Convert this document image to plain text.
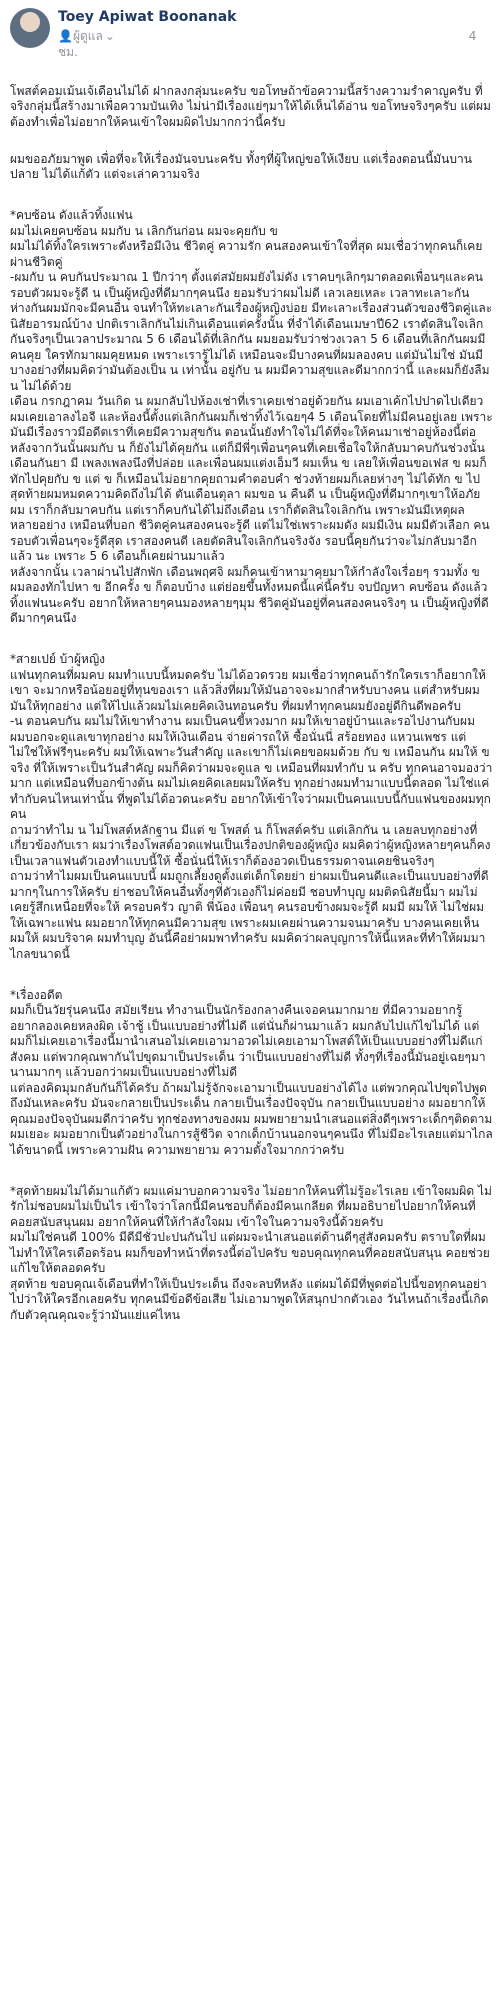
Toey Apiwat Boonanak
👤 ผู้ดูแล ⌄	4 ชม.

โพสต์คอมเม้นเจ้เดือนไม่ได้ ฝากลงกลุ่มนะครับ ขอโทษถ้าข้อความนี้สร้างความรำคาญครับ ที่จริงกลุ่มนี้สร้างมาเพื่อความบันเทิง ไม่น่ามีเรื่องแย่ๆมาให้ได้เห็นได้อ่าน ขอโทษจริงๆครับ แต่ผมต้องทำเพื่อไม่อยากให้คนเข้าใจผมผิดไปมากกว่านี้ครับ

ผมขออภัยมาพูด เพื่อที่จะให้เรื่องมันจบนะครับ ทั้งๆที่ผู้ใหญ่ขอให้เงียบ แต่เรื่องตอนนี้มันบานปลาย ไม่ได้แก้ตัว แต่จะเล่าความจริง

*คบซ้อน ดังแล้วทิ้งแฟน
ผมไม่เคยคบซ้อน ผมกับ น เลิกกันก่อน ผมจะคุยกับ ข
ผมไม่ได้ทิ้งใครเพราะดังหรือมีเงิน ชีวิตคู่ ความรัก คนสองคนเข้าใจที่สุด ผมเชื่อว่าทุกคนก็เคยผ่านชีวิตคู่
-ผมกับ น คบกันประมาณ 1 ปีกว่าๆ ตั้งแต่สมัยผมยังไม่ดัง เราคบๆเลิกๆมาตลอดเพื่อนๆและคนรอบตัวผมจะรู้ดี น เป็นผู้หญิงที่ดีมากๆคนนึง ยอมรับว่าผมไม่ดี เลวเลยเหละ เวลาทะเลาะกัน ห่างกันผมมักจะมีคนอื่น จนทำให้ทะเลาะกันเรื่องผู้หญิงบ่อย มีทะเลาะเรื่องส่วนตัวของชีวิตคู่และนิสัยอารมณ์บ้าง ปกติเราเลิกกันไม่เกินเดือนแต่ครั้งนั้น ที่จำได้เดือนเมษาปี62 เราตัดสินใจเลิกกันจริงๆเป็นเวลาประมาณ 5 6 เดือนได้ที่เลิกกัน ผมยอมรับว่าช่วงเวลา 5 6 เดือนที่เลิกกันผมมีคนคุย ใครทักมาผมคุยหมด เพราะเรารู้ไม่ได้ เหมือนจะมีบางคนที่ผมลองคบ แต่มันไม่ใช่ มันมีบางอย่างที่ผมคิดว่ามันต้องเป็น น เท่านั้น อยู่กับ น ผมมีความสุขและดีมากกว่านี้ และผมก็ยังลืม น ไม่ได้ด้วย
เดือน กรกฎาคม วันเกิด น ผมกลับไปห้องเช่าที่เราเคยเช่าอยู่ด้วยกัน ผมเอาเค้กไปปาดไปเดียวผมเคยเอาลงไอจี และห้องนี้ตั้งแต่เลิกกันผมก็เช่าทิ้งไว้เฉยๆ4 5 เดือนโดยที่ไม่มีคนอยู่เลย เพราะมันมีเรื่องราวมีอดีตเราที่เคยมีความสุขกัน ตอนนั้นยังทำใจไม่ได้ที่จะให้คนมาเช่าอยู่ห้องนี้ต่อ หลังจากวันนั้นผมกับ น ก็ยังไม่ได้คุยกัน แต่ก็มีพี่ๆเพื่อนๆคนที่เคยเชื่อใจให้กลับมาคบกันช่วงนั้นเดือนกันยา มี เพลงเพลงนึงที่ปล่อย และเพื่อนผมแต่งเอ็มวี ผมเห็น ข เลยให้เพื่อนขอเฟส ข ผมก็ทักไปคุยกับ ข แต่ ข ก็เหมือนไม่อยากคุยถามคำตอบคำ ช่วงท้ายผมก็เลยห่างๆ ไม่ได้ทัก ข ไป
สุดท้ายผมหมดความคิดถึงไม่ได้ ตันเดือนตุลา ผมขอ น คืนดี น เป็นผู้หญิงที่ดีมากๆเขาให้อภัยผม เราก็กลับมาคบกัน แต่เราก็คบกันได้ไม่ถึงเดือน เราก็ตัดสินใจเลิกกัน เพราะมันมีเหตุผลหลายอย่าง เหมือนที่บอก ชีวิตคู่คนสองคนจะรู้ดี แต่ไม่ใช่เพราะผมดัง ผมมีเงิน ผมมีตัวเลือก คนรอบตัวเพื่อนๆจะรู้ดีสุด เราสองคนดี เลยตัดสินใจเลิกกันจริงจัง รอบนี้คุยกันว่าจะไม่กลับมาอีกแล้ว นะ เพราะ 5 6 เดือนก็เคยผ่านมาแล้ว
หลังจากนั้น เวลาผ่านไปสักพัก เดือนพฤศจิ ผมก็คนเข้าหามาคุยมาให้กำลังใจเรื่อยๆ รวมทั้ง ข ผมลองทักไปหา ข อีกครั้ง ข ก็ตอบบ้าง แต่ย่อยขึ้นทั้งหมดนี้แค่นี้ครับ จบปัญหา คบซ้อน ดังแล้วทิ้งแฟนนะครับ อยากให้หลายๆคนมองหลายๆมุม ชีวิตคู่มันอยู่ที่คนสองคนจริงๆ น เป็นผู้หญิงที่ดีดีมากๆคนนึง

*สายเปย์ บ้าผู้หญิง
แฟนทุกคนที่ผมคบ ผมทำแบบนี้หมดครับ ไม่ได้อวดรวย ผมเชื่อว่าทุกคนถ้ารักใครเราก็อยากให้เขา จะมากหรือน้อยอยู่ที่ทุนของเรา แล้วสิ่งที่ผมให้มันอาจจะมากสำหรับบางคน แต่สำหรับผมมันให้ทุกอย่าง แต่ให้ไปแล้วผมไม่เคยคิดเงินทอนครับ ที่ผมทำทุกคนผมยังอยู่ดีกินดีพอครับ
-น ตอนคบกัน ผมไม่ให้เขาทำงาน ผมเป็นคนขี้หวงมาก ผมให้เขาอยู่บ้านและรอไปงานกับผม ผมบอกจะดูแลเขาทุกอย่าง ผมให้เงินเดือน จ่ายค่ารถให้ ซื้อนั่นนี่ สร้อยทอง แหวนเพชร แต่ไม่ใช่ให้ฟรีๆนะครับ ผมให้เฉพาะวันสำคัญ และเขาก็ไม่เคยขอผมด้วย กับ ข เหมือนกัน ผมให้ ข จริง ที่ให้เพราะเป็นวันสำคัญ ผมก็คิดว่าผมจะดูแล ข เหมือนที่ผมทำกับ น ครับ ทุกคนอาจมองว่ามาก แต่เหมือนที่บอกข้างต้น ผมไม่เคยคิดเลยผมให้ครับ ทุกอย่างผมทำมาแบบนี้ตลอด ไม่ใช่แค่ทำกับคนไหนเท่านั้น ที่พูดไม่ได้อวดนะครับ อยากให้เข้าใจว่าผมเป็นคนแบบนี้กับแฟนของผมทุกคน
ถามว่าทำไม น ไม่โพสต์หลักฐาน มีแต่ ข โพสต์ น ก็โพสต์ครับ แต่เลิกกัน น เลยลบทุกอย่างที่เกี่ยวข้องกับเรา ผมว่าเรื่องโพสต์อวดแฟนเป็นเรื่องปกติของผู้หญิง ผมคิดว่าผู้หญิงหลายๆคนก็คงเป็นเวลาแฟนตัวเองทำแบบนี้ให้ ซื้อนั่นนี่ให้เราก็ต้องอวดเป็นธรรมดาจนเคยชินจริงๆ
ถามว่าทำไมผมเป็นคนแบบนี้ ผมถูกเลี้ยงดูตั้งแต่เด็กโดยย่า ย่าผมเป็นคนดีและเป็นแบบอย่างที่ดีมากๆในการให้ครับ ย่าชอบให้คนอื่นทั้งๆที่ตัวเองก็ไม่ค่อยมี ชอบทำบุญ ผมติดนิสัยนี้มา ผมไม่เคยรู้สึกเหนื่อยที่จะให้ ครอบครัว ญาติ พี่น้อง เพื่อนๆ คนรอบข้างผมจะรู้ดี ผมมี ผมให้ ไม่ใช่ผมให้เฉพาะแฟน ผมอยากให้ทุกคนมีความสุข เพราะผมเคยผ่านความจนมาครับ บางคนเคยเห็นผมให้ ผมบริจาค ผมทำบุญ อันนี้คือย่าผมพาทำครับ ผมคิดว่าผลบุญการให้นี้แหละที่ทำให้ผมมาไกลขนาดนี้

*เรื่องอดีต
ผมก็เป็นวัยรุ่นคนนึง สมัยเรียน ทำงานเป็นนักร้องกลางคืนเจอคนมากมาย ที่มีความอยากรู้ อยากลองเคยหลงผิด เจ้าชู้ เป็นแบบอย่างที่ไม่ดี แต่นั่นก็ผ่านมาแล้ว ผมกลับไปแก้ไขไม่ได้ แต่ผมก็ไม่เคยเอาเรื่องนี้มานำเสนอไม่เคยเอามาอวดไม่เคยเอามาโพสต์ให้เป็นแบบอย่างที่ไม่ดีแก่สังคม แต่พวกคุณพากันไปขุดมาเป็นประเด็น ว่าเป็นแบบอย่างที่ไม่ดี ทั้งๆที่เรื่องนี้มันอยู่เฉยๆมานานมากๆ แล้วบอกว่าผมเป็นแบบอย่างที่ไม่ดี
แต่ลองคิดมุมกลับกันก็ได้ครับ ถ้าผมไม่รู้จักจะเอามาเป็นแบบอย่างได้ไง แต่พวกคุณไปขุดไปพูดถึงมันเหละครับ มันจะกลายเป็นประเด็น กลายเป็นเรื่องปัจจุบัน กลายเป็นแบบอย่าง ผมอยากให้คุณมองปัจจุบันผมดีกว่าครับ ทุกช่องทางของผม ผมพยายามนำเสนอแต่สิ่งดีๆเพราะเด็กๆติดตามผมเยอะ ผมอยากเป็นตัวอย่างในการสู้ชีวิต จากเด็กบ้านนอกจนๆคนนึง ที่ไม่มีอะไรเลยแต่มาไกลได้ขนาดนี้ เพราะความฝัน ความพยายาม ความตั้งใจมากกว่าครับ

*สุดท้ายผมไม่ได้มาแก้ตัว ผมแค่มาบอกความจริง ไม่อยากให้คนที่ไม่รู้อะไรเลย เข้าใจผมผิด ไม่รักไม่ชอบผมไม่เป็นไร เข้าใจว่าโลกนี้มีคนชอบก็ต้องมีคนเกลียด ที่ผมอธิบายไปอยากให้คนที่คอยสนับสนุนผม อยากให้คนที่ให้กำลังใจผม เข้าใจในความจริงนี้ด้วยครับ
ผมไม่ใช่คนดี 100% มีดีมีชั่วปะปนกันไป แต่ผมจะนำเสนอแต่ด้านดีๆสู่สังคมครับ ตราบใดที่ผมไม่ทำให้ใครเดือดร้อน ผมก็ขอทำหน้าที่ตรงนี้ต่อไปครับ ขอบคุณทุกคนที่คอยสนับสนุน คอยช่วยแก้ไขให้ตลอดครับ
สุดท้าย ขอบคุณเจ้เดือนที่ทำให้เป็นประเด็น ถึงจะลบทีหลัง แต่ผมได้มีที่พูดต่อไปนี้ขอทุกคนอย่าไปว่าให้ใครอีกเลยครับ ทุกคนมีข้อดีข้อเสีย ไม่เอามาพูดให้สนุกปากตัวเอง วันไหนถ้าเรื่องนี้เกิดกับตัวคุณคุณจะรู้ว่ามันแย่แค่ไหน
